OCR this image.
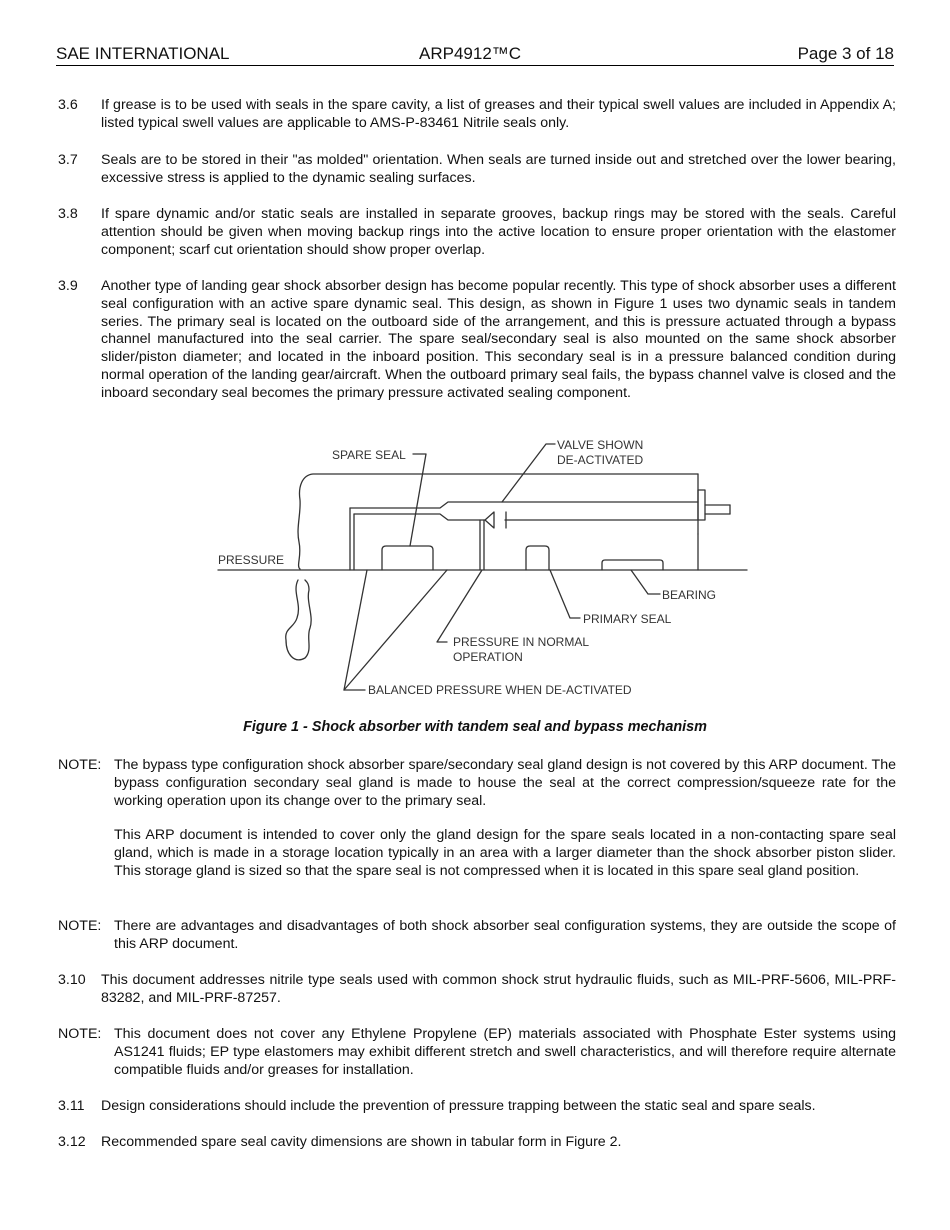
SAE INTERNATIONAL	ARP4912™C	Page 3 of 18
3.6 If grease is to be used with seals in the spare cavity, a list of greases and their typical swell values are included in Appendix A; listed typical swell values are applicable to AMS-P-83461 Nitrile seals only.
3.7 Seals are to be stored in their "as molded" orientation. When seals are turned inside out and stretched over the lower bearing, excessive stress is applied to the dynamic sealing surfaces.
3.8 If spare dynamic and/or static seals are installed in separate grooves, backup rings may be stored with the seals. Careful attention should be given when moving backup rings into the active location to ensure proper orientation with the elastomer component; scarf cut orientation should show proper overlap.
3.9 Another type of landing gear shock absorber design has become popular recently. This type of shock absorber uses a different seal configuration with an active spare dynamic seal. This design, as shown in Figure 1 uses two dynamic seals in tandem series. The primary seal is located on the outboard side of the arrangement, and this is pressure actuated through a bypass channel manufactured into the seal carrier. The spare seal/secondary seal is also mounted on the same shock absorber slider/piston diameter; and located in the inboard position. This secondary seal is in a pressure balanced condition during normal operation of the landing gear/aircraft. When the outboard primary seal fails, the bypass channel valve is closed and the inboard secondary seal becomes the primary pressure activated sealing component.
SPARE SEAL
VALVE SHOWN
DE-ACTIVATED
PRESSURE
BEARING
PRIMARY SEAL
PRESSURE IN NORMAL
OPERATION
BALANCED PRESSURE WHEN DE-ACTIVATED
Figure 1 - Shock absorber with tandem seal and bypass mechanism
NOTE: The bypass type configuration shock absorber spare/secondary seal gland design is not covered by this ARP document. The bypass configuration secondary seal gland is made to house the seal at the correct compression/squeeze rate for the working operation upon its change over to the primary seal.
This ARP document is intended to cover only the gland design for the spare seals located in a non-contacting spare seal gland, which is made in a storage location typically in an area with a larger diameter than the shock absorber piston slider. This storage gland is sized so that the spare seal is not compressed when it is located in this spare seal gland position.
NOTE: There are advantages and disadvantages of both shock absorber seal configuration systems, they are outside the scope of this ARP document.
3.10 This document addresses nitrile type seals used with common shock strut hydraulic fluids, such as MIL-PRF-5606, MIL-PRF-83282, and MIL-PRF-87257.
NOTE: This document does not cover any Ethylene Propylene (EP) materials associated with Phosphate Ester systems using AS1241 fluids; EP type elastomers may exhibit different stretch and swell characteristics, and will therefore require alternate compatible fluids and/or greases for installation.
3.11 Design considerations should include the prevention of pressure trapping between the static seal and spare seals.
3.12 Recommended spare seal cavity dimensions are shown in tabular form in Figure 2.
